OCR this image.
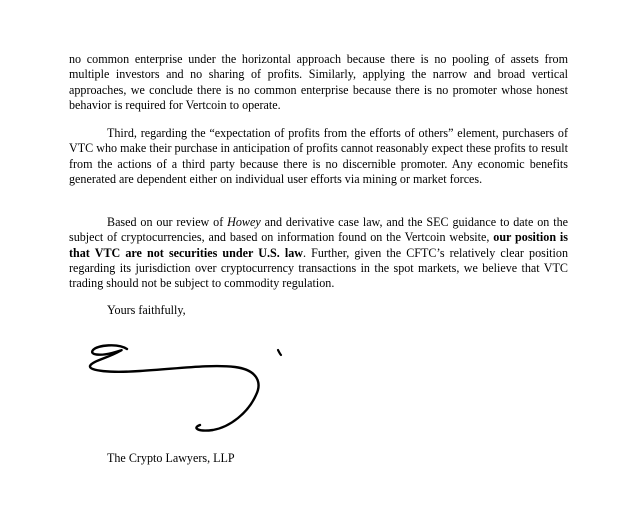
no common enterprise under the horizontal approach because there is no pooling of assets from multiple investors and no sharing of profits. Similarly, applying the narrow and broad vertical approaches, we conclude there is no common enterprise because there is no promoter whose honest behavior is required for Vertcoin to operate.

Third, regarding the “expectation of profits from the efforts of others” element, purchasers of VTC who make their purchase in anticipation of profits cannot reasonably expect these profits to result from the actions of a third party because there is no discernible promoter. Any economic benefits generated are dependent either on individual user efforts via mining or market forces.

Based on our review of Howey and derivative case law, and the SEC guidance to date on the subject of cryptocurrencies, and based on information found on the Vertcoin website, our position is that VTC are not securities under U.S. law. Further, given the CFTC’s relatively clear position regarding its jurisdiction over cryptocurrency transactions in the spot markets, we believe that VTC trading should not be subject to commodity regulation.

Yours faithfully,

The Crypto Lawyers, LLP
